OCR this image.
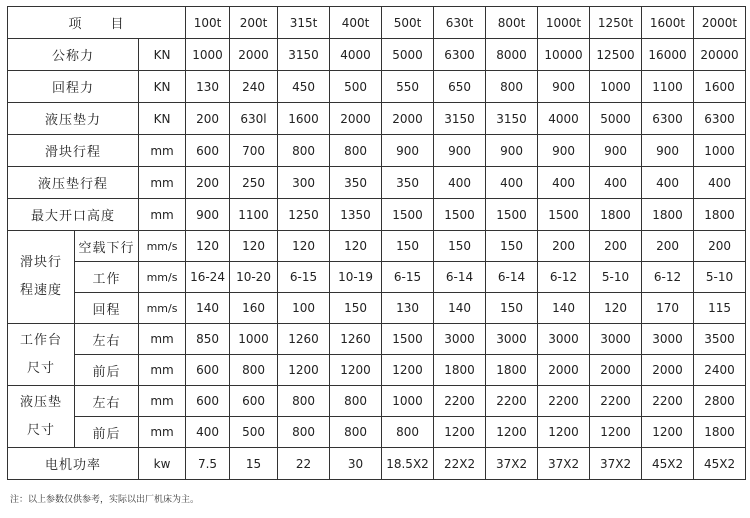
项　　目			100t	200t	315t	400t	500t	630t	800t	1000t	1250t	1600t	2000t
公称力		KN	1000	2000	3150	4000	5000	6300	8000	10000	12500	16000	20000
回程力		KN	130	240	450	500	550	650	800	900	1000	1100	1600
液压垫力		KN	200	630l	1600	2000	2000	3150	3150	4000	5000	6300	6300
滑块行程		mm	600	700	800	800	900	900	900	900	900	900	1000
液压垫行程		mm	200	250	300	350	350	400	400	400	400	400	400
最大开口高度		mm	900	1100	1250	1350	1500	1500	1500	1500	1800	1800	1800

滑块行
程速度	空载下行	mm/s	120	120	120	120	150	150	150	200	200	200	200
	工作	mm/s	16-24	10-20	6-15	10-19	6-15	6-14	6-14	6-12	5-10	6-12	5-10
	回程	mm/s	140	160	100	150	130	140	150	140	120	170	115

工作台
尺寸	左右	mm	850	1000	1260	1260	1500	3000	3000	3000	3000	3000	3500
	前后	mm	600	800	1200	1200	1200	1800	1800	2000	2000	2000	2400

液压垫
尺寸	左右	mm	600	600	800	800	1000	2200	2200	2200	2200	2200	2800
	前后	mm	400	500	800	800	800	1200	1200	1200	1200	1200	1800
电机功率		kw	7.5	15	22	30	18.5X2	22X2	37X2	37X2	37X2	45X2	45X2
注：以上参数仅供参考，实际以出厂机床为主。
